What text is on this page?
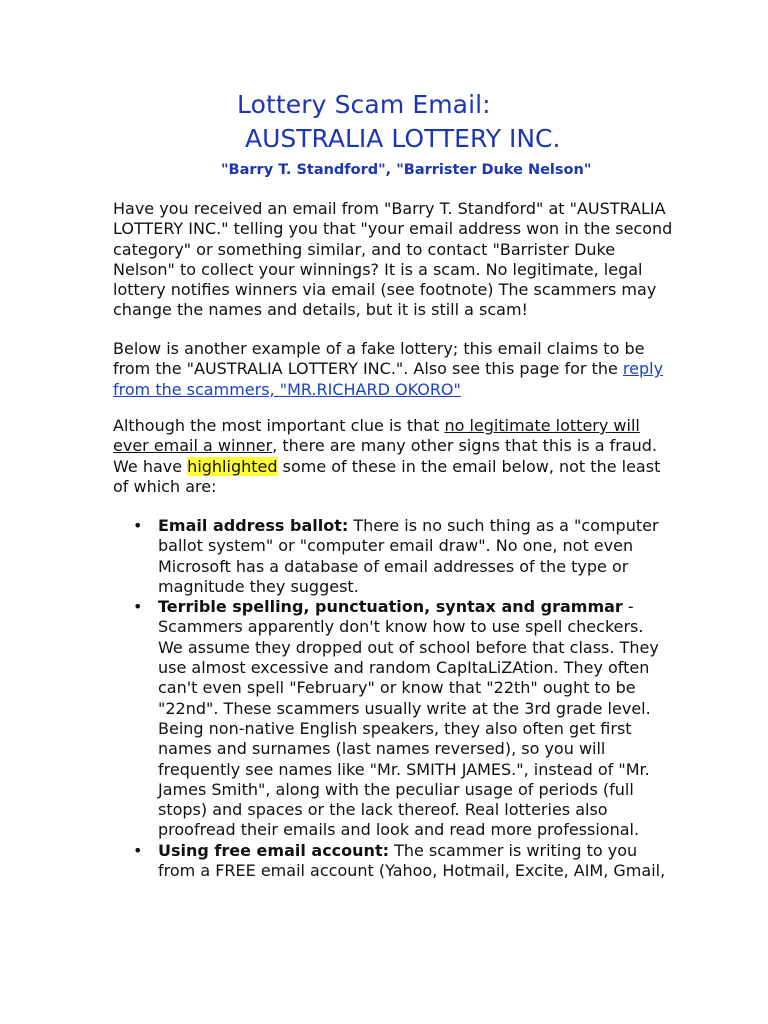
Lottery Scam Email:
AUSTRALIA LOTTERY INC.
"Barry T. Standford", "Barrister Duke Nelson"

Have you received an email from "Barry T. Standford" at "AUSTRALIA LOTTERY INC." telling you that "your email address won in the second category" or something similar, and to contact "Barrister Duke Nelson" to collect your winnings? It is a scam. No legitimate, legal lottery notifies winners via email (see footnote) The scammers may change the names and details, but it is still a scam!

Below is another example of a fake lottery; this email claims to be from the "AUSTRALIA LOTTERY INC.". Also see this page for the reply from the scammers, "MR.RICHARD OKORO"

Although the most important clue is that no legitimate lottery will ever email a winner, there are many other signs that this is a fraud. We have highlighted some of these in the email below, not the least of which are:

• Email address ballot: There is no such thing as a "computer ballot system" or "computer email draw". No one, not even Microsoft has a database of email addresses of the type or magnitude they suggest.
• Terrible spelling, punctuation, syntax and grammar - Scammers apparently don't know how to use spell checkers. We assume they dropped out of school before that class. They use almost excessive and random CapItaLiZAtion. They often can't even spell "February" or know that "22th" ought to be "22nd". These scammers usually write at the 3rd grade level. Being non-native English speakers, they also often get first names and surnames (last names reversed), so you will frequently see names like "Mr. SMITH JAMES.", instead of "Mr. James Smith", along with the peculiar usage of periods (full stops) and spaces or the lack thereof. Real lotteries also proofread their emails and look and read more professional.
• Using free email account: The scammer is writing to you from a FREE email account (Yahoo, Hotmail, Excite, AIM, Gmail,
